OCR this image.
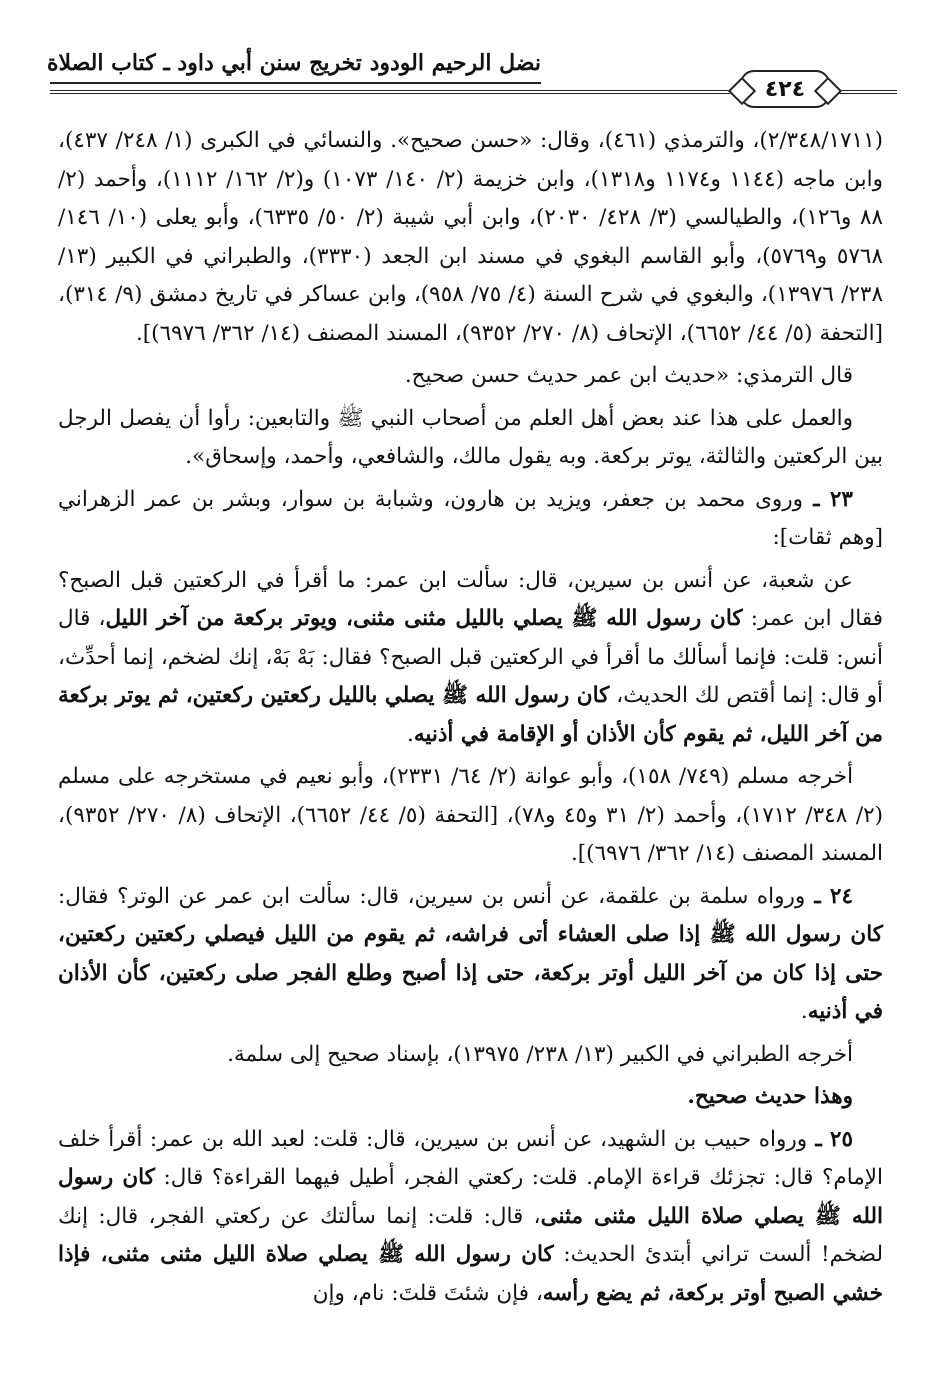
نضل الرحيم الودود تخريج سنن أبي داود ـ كتاب الصلاة
٤٢٤

(٢/٣٤٨/١٧١١)، والترمذي (٤٦١)، وقال: «حسن صحيح». والنسائي في الكبرى (١/ ٢٤٨/ ٤٣٧)، وابن ماجه (١١٤٤ و١١٧٤ و١٣١٨)، وابن خزيمة (٢/ ١٤٠/ ١٠٧٣) و(٢/ ١٦٢/ ١١١٢)، وأحمد (٢/ ٨٨ و١٢٦)، والطيالسي (٣/ ٤٢٨/ ٢٠٣٠)، وابن أبي شيبة (٢/ ٥٠/ ٦٣٣٥)، وأبو يعلى (١٠/ ١٤٦/ ٥٧٦٨ و٥٧٦٩)، وأبو القاسم البغوي في مسند ابن الجعد (٣٣٣٠)، والطبراني في الكبير (١٣/ ٢٣٨/ ١٣٩٧٦)، والبغوي في شرح السنة (٤/ ٧٥/ ٩٥٨)، وابن عساكر في تاريخ دمشق (٩/ ٣١٤)، [التحفة (٥/ ٤٤/ ٦٦٥٢)، الإتحاف (٨/ ٢٧٠/ ٩٣٥٢)، المسند المصنف (١٤/ ٣٦٢/ ٦٩٧٦)].

قال الترمذي: «حديث ابن عمر حديث حسن صحيح.

والعمل على هذا عند بعض أهل العلم من أصحاب النبي ﷺ والتابعين: رأوا أن يفصل الرجل بين الركعتين والثالثة، يوتر بركعة. وبه يقول مالك، والشافعي، وأحمد، وإسحاق».

٢٣ ـ وروى محمد بن جعفر، ويزيد بن هارون، وشبابة بن سوار، وبشر بن عمر الزهراني [وهم ثقات]:

عن شعبة، عن أنس بن سيرين، قال: سألت ابن عمر: ما أقرأ في الركعتين قبل الصبح؟ فقال ابن عمر: كان رسول الله ﷺ يصلي بالليل مثنى مثنى، ويوتر بركعة من آخر الليل، قال أنس: قلت: فإنما أسألك ما أقرأ في الركعتين قبل الصبح؟ فقال: بَهْ بَهْ، إنك لضخم، إنما أحدِّث، أو قال: إنما أقتص لك الحديث، كان رسول الله ﷺ يصلي بالليل ركعتين ركعتين، ثم يوتر بركعة من آخر الليل، ثم يقوم كأن الأذان أو الإقامة في أذنيه.

أخرجه مسلم (٧٤٩/ ١٥٨)، وأبو عوانة (٢/ ٦٤/ ٢٣٣١)، وأبو نعيم في مستخرجه على مسلم (٢/ ٣٤٨/ ١٧١٢)، وأحمد (٢/ ٣١ و٤٥ و٧٨)، [التحفة (٥/ ٤٤/ ٦٦٥٢)، الإتحاف (٨/ ٢٧٠/ ٩٣٥٢)، المسند المصنف (١٤/ ٣٦٢/ ٦٩٧٦)].

٢٤ ـ ورواه سلمة بن علقمة، عن أنس بن سيرين، قال: سألت ابن عمر عن الوتر؟ فقال: كان رسول الله ﷺ إذا صلى العشاء أتى فراشه، ثم يقوم من الليل فيصلي ركعتين ركعتين، حتى إذا كان من آخر الليل أوتر بركعة، حتى إذا أصبح وطلع الفجر صلى ركعتين، كأن الأذان في أذنيه.

أخرجه الطبراني في الكبير (١٣/ ٢٣٨/ ١٣٩٧٥)، بإسناد صحيح إلى سلمة.

وهذا حديث صحيح.

٢٥ ـ ورواه حبيب بن الشهيد، عن أنس بن سيرين، قال: قلت: لعبد الله بن عمر: أقرأ خلف الإمام؟ قال: تجزئك قراءة الإمام. قلت: ركعتي الفجر، أطيل فيهما القراءة؟ قال: كان رسول الله ﷺ يصلي صلاة الليل مثنى مثنى، قال: قلت: إنما سألتك عن ركعتي الفجر، قال: إنك لضخم! ألست تراني أبتدئ الحديث: كان رسول الله ﷺ يصلي صلاة الليل مثنى مثنى، فإذا خشي الصبح أوتر بركعة، ثم يضع رأسه، فإن شئتَ قلتَ: نام، وإن
